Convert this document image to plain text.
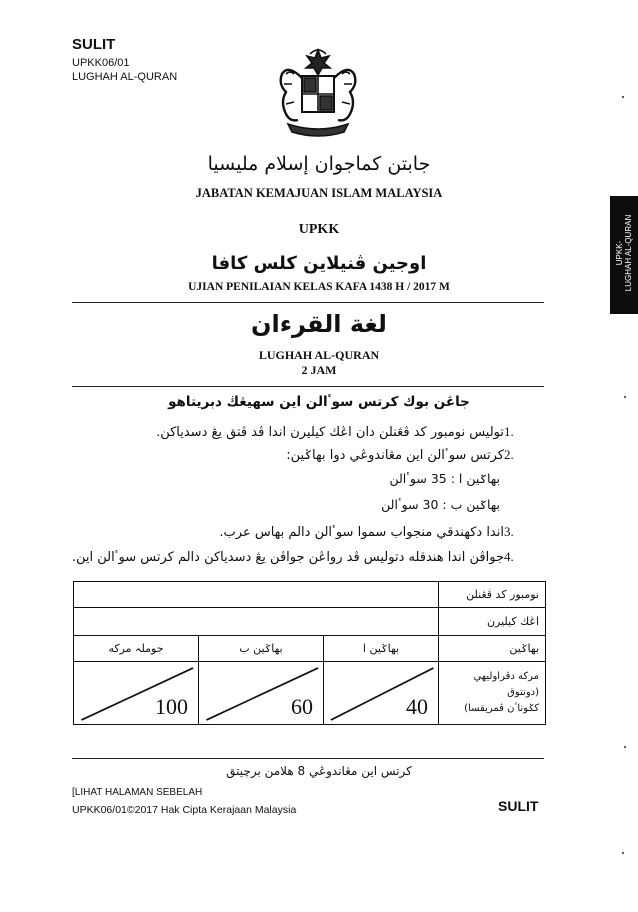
SULIT
UPKK06/01
LUGHAH AL-QURAN
جابتن كماجوان إسلام مليسيا
JABATAN KEMAJUAN ISLAM MALAYSIA
UPKK
اوجين ڤنيلاين كلس كافا
UJIAN PENILAIAN KELAS KAFA 1438 H / 2017 M
لغة القرءان
LUGHAH AL-QURAN
2 JAM
UPKK- LUGHAH AL-QURAN
جاڠن بوك كرتس سوٴالن اين سهيڠڬ دبريتاهو
1.توليس نومبور كد ڤڠنلن دان اڠك كيليرن اندا ڤد ڤتق يڠ دسدياكن.
2.كرتس سوٴالن اين مڠاندوڠي دوا بهاݢين:
بهاݢين ا : 35 سوٴالن
بهاݢين ب : 30 سوٴالن
3.اندا دكهندقي منجواب سموا سوٴالن دالم بهاس عرب.
4.جواڤن اندا هندقله دتوليس ڤد رواڠن جواڤن يڠ دسدياكن دالم كرتس سوٴالن اين.
			نومبور كد ڤڠنلن
			اڠك كيليرن
جوملہ مركه	بهاݢين ب	بهاݢين ا	بهاݢين

100	60	40	مركه دڤراوليهي (دونتوق
كݢوناٴن ڤمريقسا)
كرتس اين مڠاندوڠي 8 هلامن برچيتق
[LIHAT HALAMAN SEBELAH
UPKK06/01©2017 Hak Cipta Kerajaan Malaysia	SULIT
